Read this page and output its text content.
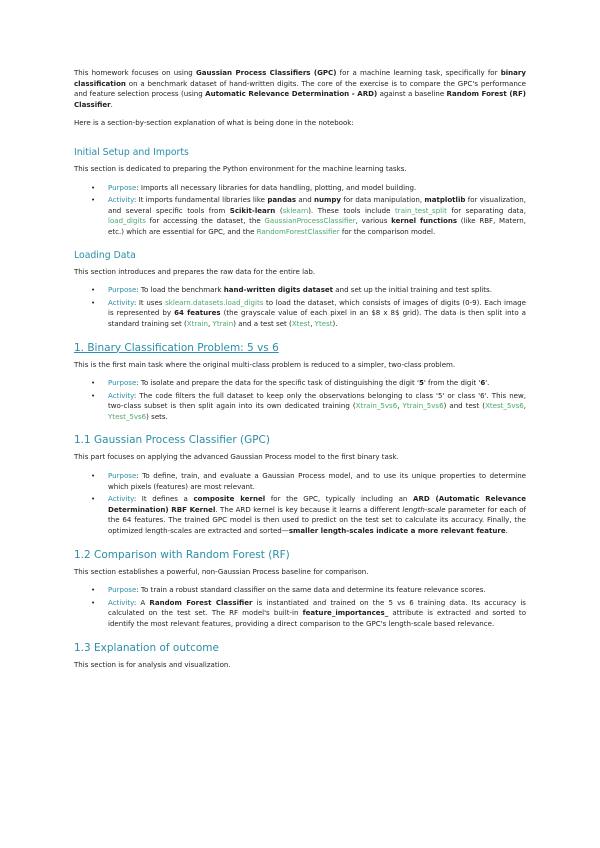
This homework focuses on using Gaussian Process Classifiers (GPC) for a machine learning task, specifically for binary classification on a benchmark dataset of hand-written digits. The core of the exercise is to compare the GPC's performance and feature selection process (using Automatic Relevance Determination - ARD) against a baseline Random Forest (RF) Classifier.

Here is a section-by-section explanation of what is being done in the notebook:

Initial Setup and Imports

This section is dedicated to preparing the Python environment for the machine learning tasks.

• Purpose: Imports all necessary libraries for data handling, plotting, and model building.
• Activity: It imports fundamental libraries like pandas and numpy for data manipulation, matplotlib for visualization, and several specific tools from Scikit-learn (sklearn). These tools include train_test_split for separating data, load_digits for accessing the dataset, the GaussianProcessClassifier, various kernel functions (like RBF, Matern, etc.) which are essential for GPC, and the RandomForestClassifier for the comparison model.
Loading Data

This section introduces and prepares the raw data for the entire lab.

• Purpose: To load the benchmark hand-written digits dataset and set up the initial training and test splits.
• Activity: It uses sklearn.datasets.load_digits to load the dataset, which consists of images of digits (0-9). Each image is represented by 64 features (the grayscale value of each pixel in an $8 x 8$ grid). The data is then split into a standard training set (Xtrain, Ytrain) and a test set (Xtest, Ytest).
1. Binary Classification Problem: 5 vs 6

This is the first main task where the original multi-class problem is reduced to a simpler, two-class problem.

• Purpose: To isolate and prepare the data for the specific task of distinguishing the digit '5' from the digit '6'.
• Activity: The code filters the full dataset to keep only the observations belonging to class '5' or class '6'. This new, two-class subset is then split again into its own dedicated training (Xtrain_5vs6, Ytrain_5vs6) and test (Xtest_5vs6, Ytest_5vs6) sets.
1.1 Gaussian Process Classifier (GPC)

This part focuses on applying the advanced Gaussian Process model to the first binary task.

• Purpose: To define, train, and evaluate a Gaussian Process model, and to use its unique properties to determine which pixels (features) are most relevant.
• Activity: It defines a composite kernel for the GPC, typically including an ARD (Automatic Relevance Determination) RBF Kernel. The ARD kernel is key because it learns a different length-scale parameter for each of the 64 features. The trained GPC model is then used to predict on the test set to calculate its accuracy. Finally, the optimized length-scales are extracted and sorted—smaller length-scales indicate a more relevant feature.
1.2 Comparison with Random Forest (RF)

This section establishes a powerful, non-Gaussian Process baseline for comparison.

• Purpose: To train a robust standard classifier on the same data and determine its feature relevance scores.
• Activity: A Random Forest Classifier is instantiated and trained on the 5 vs 6 training data. Its accuracy is calculated on the test set. The RF model's built-in feature_importances_ attribute is extracted and sorted to identify the most relevant features, providing a direct comparison to the GPC's length-scale based relevance.
1.3 Explanation of outcome

This section is for analysis and visualization.
